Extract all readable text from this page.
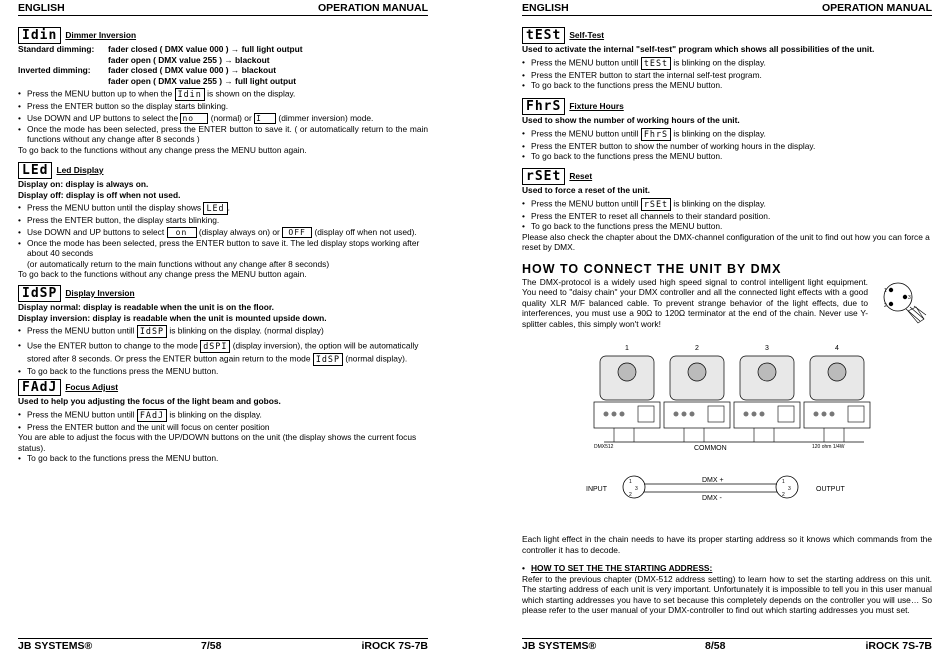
ENGLISH	OPERATION MANUAL
Idin Dimmer Inversion
Standard dimming:	fader closed ( DMX value 000 ) → full light output
fader open ( DMX value 255 ) → blackout
Inverted dimming:	fader closed ( DMX value 000 ) → blackout
fader open ( DMX value 255 ) → full light output
• Press the MENU button up to when the Idin is shown on the display.
• Press the ENTER button so the display starts blinking.
• Use DOWN and UP buttons to select the no (normal) or I (dimmer inversion) mode.
• Once the mode has been selected, press the ENTER button to save it. ( or automatically return to the main functions without any change after 8 seconds )
To go back to the functions without any change press the MENU button again.
LEd Led Display
Display on: display is always on.
Display off: display is off when not used.
• Press the MENU button until the display shows LEd .
• Press the ENTER button, the display starts blinking.
• Use DOWN and UP buttons to select on (display always on) or OFF (display off when not used).
• Once the mode has been selected, press the ENTER button to save it. The led display stops working after about 40 seconds
(or automatically return to the main functions without any change after 8 seconds)
To go back to the functions without any change press the MENU button again.
IdSP Display Inversion
Display normal: display is readable when the unit is on the floor.
Display inversion: display is readable when the unit is mounted upside down.
• Press the MENU button untill IdSP is blinking on the display. (normal display)
• Use the ENTER button to change to the mode dSPI (display inversion), the option will be automatically stored after 8 seconds. Or press the ENTER button again return to the mode IdSP (normal display).
• To go back to the functions press the MENU button.
FAdJ Focus Adjust
Used to help you adjusting the focus of the light beam and gobos.
• Press the MENU button untill FAdJ is blinking on the display.
• Press the ENTER button and the unit will focus on center position
You are able to adjust the focus with the UP/DOWN buttons on the unit (the display shows the current focus status).
• To go back to the functions press the MENU button.
JB SYSTEMS®	7/58	iROCK 7S-7B
ENGLISH	OPERATION MANUAL
tESt Self-Test
Used to activate the internal "self-test" program which shows all possibilities of the unit.
• Press the MENU button untill tESt is blinking on the display.
• Press the ENTER button to start the internal self-test program.
• To go back to the functions press the MENU button.
FhrS Fixture Hours
Used to show the number of working hours of the unit.
• Press the MENU button untill FhrS is blinking on the display.
• Press the ENTER button to show the number of working hours in the display.
• To go back to the functions press the MENU button.
rSEt Reset
Used to force a reset of the unit.
• Press the MENU button untill rSEt is blinking on the display.
• Press the ENTER to reset all channels to their standard position.
• To go back to the functions press the MENU button.
Please also check the chapter about the DMX-channel configuration of the unit to find out how you can force a reset by DMX.
HOW TO CONNECT THE UNIT BY DMX
The DMX-protocol is a widely used high speed signal to control intelligent light equipment. You need to "daisy chain" your DMX controller and all the connected light effects with a good quality XLR M/F balanced cable. To prevent strange behavior of the light effects, due to interferences, you must use a 90Ω to 120Ω terminator at the end of the chain. Never use Y-splitter cables, this simply won't work!
1
3
2
1	2	3	4
DMX512	COMMON	120 ohm 1/4W
INPUT	OUTPUT
1
3
2
1
3
2
DMX +
DMX -
Each light effect in the chain needs to have its proper starting address so it knows which commands from the controller it has to decode.
• HOW TO SET THE THE STARTING ADDRESS:
Refer to the previous chapter (DMX-512 address setting) to learn how to set the starting address on this unit. The starting address of each unit is very important. Unfortunately it is impossible to tell you in this user manual which starting addresses you have to set because this completely depends on the controller you will use… So please refer to the user manual of your DMX-controller to find out which starting addresses you must set.
JB SYSTEMS®	8/58	iROCK 7S-7B
